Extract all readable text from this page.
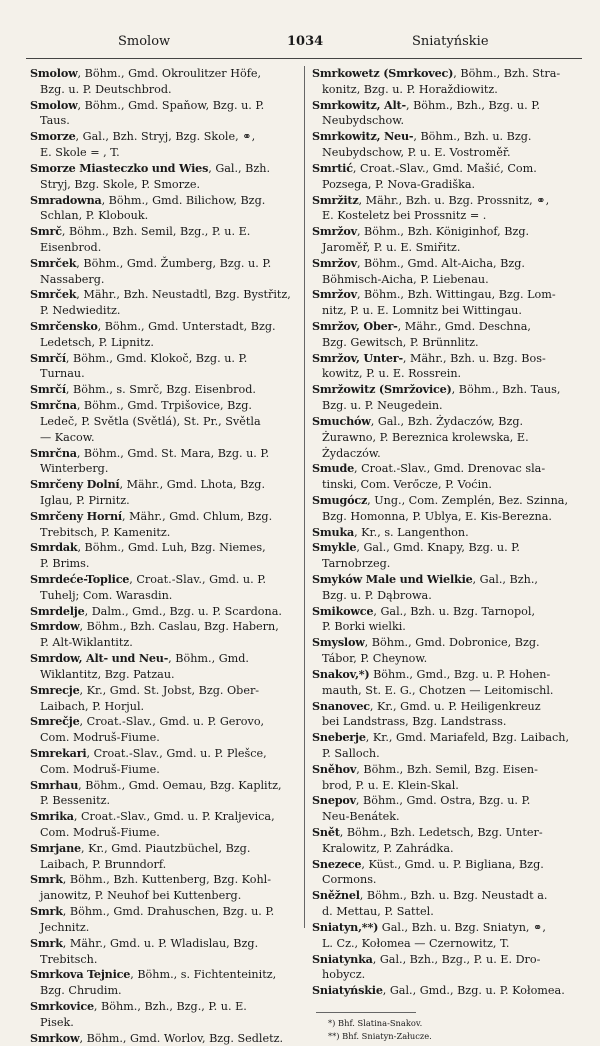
Smolow	1034	Sniatyńskie

Smolow, Böhm., Gmd. Okroulitzer Höfe,
Bzg. u. P. Deutschbrod.

Smolow, Böhm., Gmd. Spaňow, Bzg. u. P.
Taus.

Smorze, Gal., Bzh. Stryj, Bzg. Skole, ⚭,
E. Skole = , T.

Smorze Miasteczko und Wies, Gal., Bzh.
Stryj, Bzg. Skole, P. Smorze.

Smradowna, Böhm., Gmd. Bilichow, Bzg.
Schlan, P. Klobouk.

Smrč, Böhm., Bzh. Semil, Bzg., P. u. E.
Eisenbrod.

Smrček, Böhm., Gmd. Žumberg, Bzg. u. P.
Nassaberg.

Smrček, Mähr., Bzh. Neustadtl, Bzg. Bystřitz,
P. Nedwieditz.

Smrčensko, Böhm., Gmd. Unterstadt, Bzg.
Ledetsch, P. Lipnitz.

Smrčí, Böhm., Gmd. Klokoč, Bzg. u. P.
Turnau.

Smrčí, Böhm., s. Smrč, Bzg. Eisenbrod.

Smrčna, Böhm., Gmd. Trpišovice, Bzg.
Ledeč, P. Světla (Světlá), St. Pr., Světla
— Kacow.

Smrčna, Böhm., Gmd. St. Mara, Bzg. u. P.
Winterberg.

Smrčeny Dolní, Mähr., Gmd. Lhota, Bzg.
Iglau, P. Pirnitz.

Smrčeny Horní, Mähr., Gmd. Chlum, Bzg.
Trebitsch, P. Kamenitz.

Smrdak, Böhm., Gmd. Luh, Bzg. Niemes,
P. Brims.

Smrdeće-Toplice, Croat.-Slav., Gmd. u. P.
Tuhelj; Com. Warasdin.

Smrdelje, Dalm., Gmd., Bzg. u. P. Scardona.

Smrdow, Böhm., Bzh. Caslau, Bzg. Habern,
P. Alt-Wiklantitz.

Smrdow, Alt- und Neu-, Böhm., Gmd.
Wiklantitz, Bzg. Patzau.

Smrecje, Kr., Gmd. St. Jobst, Bzg. Ober-
Laibach, P. Horjul.

Smrečje, Croat.-Slav., Gmd. u. P. Gerovo,
Com. Modruš-Fiume.

Smrekari, Croat.-Slav., Gmd. u. P. Plešce,
Com. Modruš-Fiume.

Smrhau, Böhm., Gmd. Oemau, Bzg. Kaplitz,
P. Bessenitz.

Smrika, Croat.-Slav., Gmd. u. P. Kraljevica,
Com. Modruš-Fiume.

Smrjane, Kr., Gmd. Piautzbüchel, Bzg.
Laibach, P. Brunndorf.

Smrk, Böhm., Bzh. Kuttenberg, Bzg. Kohl-
janowitz, P. Neuhof bei Kuttenberg.

Smrk, Böhm., Gmd. Drahuschen, Bzg. u. P.
Jechnitz.

Smrk, Mähr., Gmd. u. P. Wladislau, Bzg.
Trebitsch.

Smrkova Tejnice, Böhm., s. Fichtenteinitz,
Bzg. Chrudim.

Smrkovice, Böhm., Bzh., Bzg., P. u. E.
Pisek.

Smrkow, Böhm., Gmd. Worlov, Bzg. Sedletz.

Smrkowetz (Smrkovec), Böhm., Bzh. Stra-
konitz, Bzg. u. P. Horaždiowitz.

Smrkowitz, Alt-, Böhm., Bzh., Bzg. u. P.
Neubydschow.

Smrkowitz, Neu-, Böhm., Bzh. u. Bzg.
Neubydschow, P. u. E. Vostroměř.

Smrtić, Croat.-Slav., Gmd. Mašić, Com.
Pozsega, P. Nova-Gradiška.

Smržitz, Mähr., Bzh. u. Bzg. Prossnitz, ⚭,
E. Kosteletz bei Prossnitz = .

Smržov, Böhm., Bzh. Königinhof, Bzg.
Jaroměř, P. u. E. Smiřitz.

Smržov, Böhm., Gmd. Alt-Aicha, Bzg.
Böhmisch-Aicha, P. Liebenau.

Smržov, Böhm., Bzh. Wittingau, Bzg. Lom-
nitz, P. u. E. Lomnitz bei Wittingau.

Smržov, Ober-, Mähr., Gmd. Deschna,
Bzg. Gewitsch, P. Brünnlitz.

Smržov, Unter-, Mähr., Bzh. u. Bzg. Bos-
kowitz, P. u. E. Rossrein.

Smržowitz (Smržovice), Böhm., Bzh. Taus,
Bzg. u. P. Neugedein.

Smuchów, Gal., Bzh. Żydaczów, Bzg.
Żurawno, P. Bereznica krolewska, E.
Żydaczów.

Smude, Croat.-Slav., Gmd. Drenovac sla-
tinski, Com. Verőcze, P. Voćin.

Smugócz, Ung., Com. Zemplén, Bez. Szinna,
Bzg. Homonna, P. Ublya, E. Kis-Berezna.

Smuka, Kr., s. Langenthon.

Smykle, Gal., Gmd. Knapy, Bzg. u. P.
Tarnobrzeg.

Smyków Male und Wielkie, Gal., Bzh.,
Bzg. u. P. Dąbrowa.

Smikowce, Gal., Bzh. u. Bzg. Tarnopol,
P. Borki wielki.

Smyslow, Böhm., Gmd. Dobronice, Bzg.
Tábor, P. Cheynow.

Snakov,*) Böhm., Gmd., Bzg. u. P. Hohen-
mauth, St. E. G., Chotzen — Leitomischl.

Snanovec, Kr., Gmd. u. P. Heiligenkreuz
bei Landstrass, Bzg. Landstrass.

Sneberje, Kr., Gmd. Mariafeld, Bzg. Laibach,
P. Salloch.

Sněhov, Böhm., Bzh. Semil, Bzg. Eisen-
brod, P. u. E. Klein-Skal.

Snepov, Böhm., Gmd. Ostra, Bzg. u. P.
Neu-Benátek.

Snět, Böhm., Bzh. Ledetsch, Bzg. Unter-
Kralowitz, P. Zahrádka.

Snezece, Küst., Gmd. u. P. Bigliana, Bzg.
Cormons.

Sněžnel, Böhm., Bzh. u. Bzg. Neustadt a.
d. Mettau, P. Sattel.

Sniatyn,**) Gal., Bzh. u. Bzg. Sniatyn, ⚭,
L. Cz., Kołomea — Czernowitz, T.

Sniatynka, Gal., Bzh., Bzg., P. u. E. Dro-
hobycz.

Sniatyńskie, Gal., Gmd., Bzg. u. P. Kołomea.

*) Bhf. Slatina-Snakov.

**) Bhf. Sniatyn-Załucze.
